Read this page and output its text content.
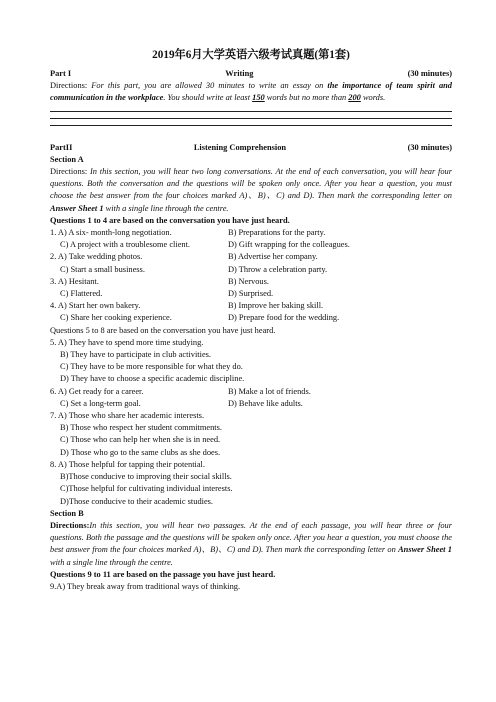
2019年6月大学英语六级考试真题(第1套)
Part I	Writing	(30 minutes)
Directions: For this part, you are allowed 30 minutes to write an essay on the importance of team spirit and communication in the workplace. You should write at least 150 words but no more than 200 words.
PartII	Listening Comprehension	(30 minutes)
Section A
Directions: In this section, you will hear two long conversations. At the end of each conversation, you will hear four questions. Both the conversation and the questions will be spoken only once. After you hear a question, you must choose the best answer from the four choices marked A)、B)、C) and D). Then mark the corresponding letter on Answer Sheet 1 with a single line through the centre.
Questions 1 to 4 are based on the conversation you have just heard.
1. A) A six- month-long negotiation.	B) Preparations for the party.
C) A project with a troublesome client.	D) Gift wrapping for the colleagues.
2. A) Take wedding photos.	B) Advertise her company.
C) Start a small business.	D) Throw a celebration party.
3. A) Hesitant.	B) Nervous.
C) Flattered.	D) Surprised.
4. A) Start her own bakery.	B) Improve her baking skill.
C) Share her cooking experience.	D) Prepare food for the wedding.
Questions 5 to 8 are based on the conversation you have just heard.
5. A) They have to spend more time studying.
B) They have to participate in club activities.
C) They have to be more responsible for what they do.
D) They have to choose a specific academic discipline.
6. A) Get ready for a career.	B) Make a lot of friends.
C) Set a long-term goal.	D) Behave like adults.
7. A) Those who share her academic interests.
B) Those who respect her student commitments.
C) Those who can help her when she is in need.
D) Those who go to the same clubs as she does.
8. A) Those helpful for tapping their potential.
B)Those conducive to improving their social skills.
C)Those helpful for cultivating individual interests.
D)Those conducive to their academic studies.
Section B
Directions:In this section, you will hear two passages. At the end of each passage, you will hear three or four questions. Both the passage and the questions will be spoken only once. After you hear a question, you must choose the best answer from the four choices marked A)、B)、C) and D). Then mark the corresponding letter on Answer Sheet 1 with a single line through the centre.
Questions 9 to 11 are based on the passage you have just heard.
9.A) They break away from traditional ways of thinking.
